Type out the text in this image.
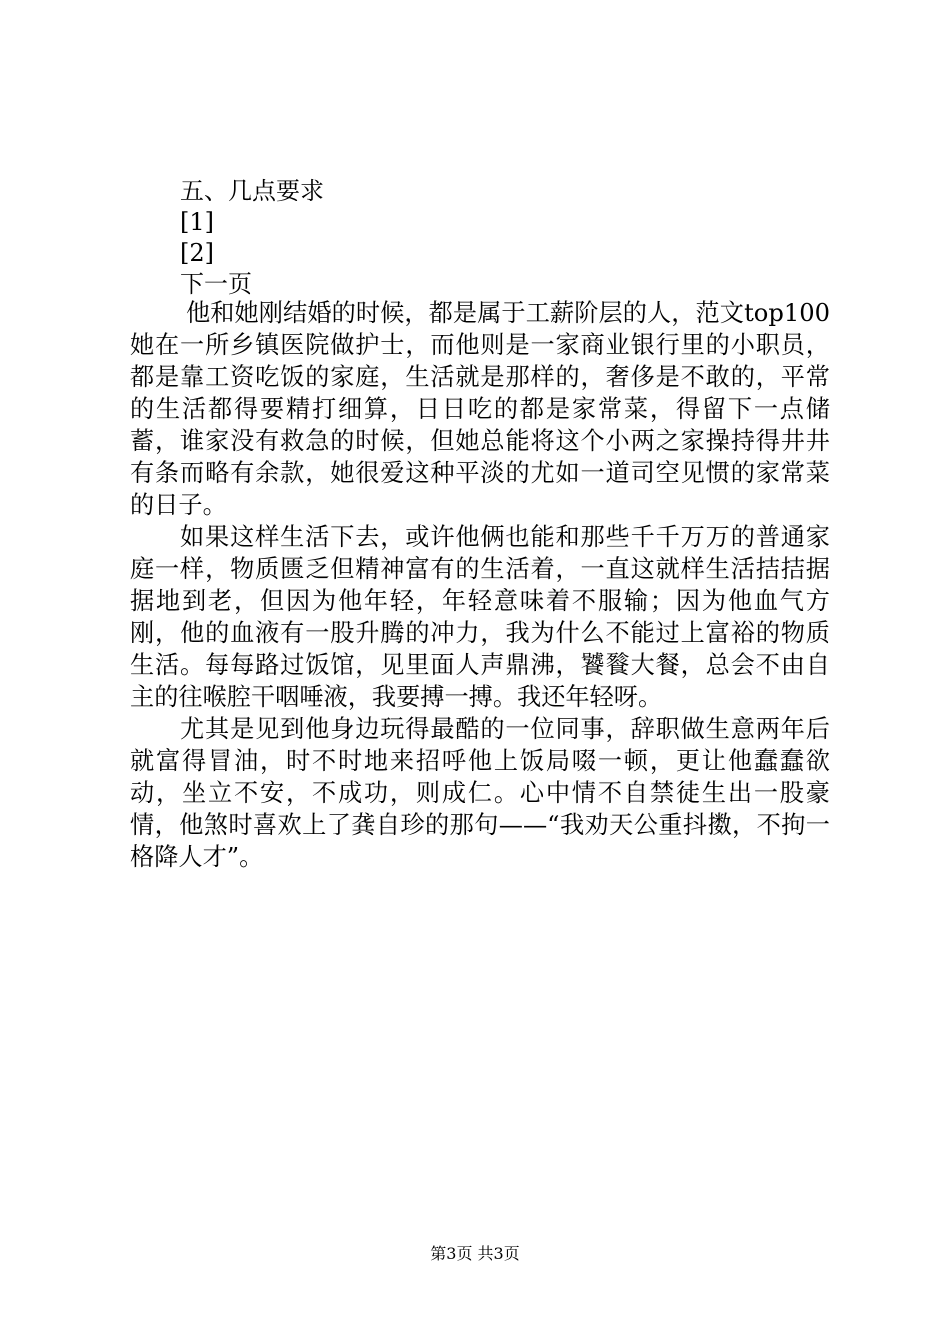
五、几点要求
[1]
[2]
下一页

他和她刚结婚的时候，都是属于工薪阶层的人，范文top100她在一所乡镇医院做护士，而他则是一家商业银行里的小职员，都是靠工资吃饭的家庭，生活就是那样的，奢侈是不敢的，平常的生活都得要精打细算，日日吃的都是家常菜，得留下一点储蓄，谁家没有救急的时候，但她总能将这个小两之家操持得井井有条而略有余款，她很爱这种平淡的尤如一道司空见惯的家常菜的日子。

如果这样生活下去，或许他俩也能和那些千千万万的普通家庭一样，物质匮乏但精神富有的生活着，一直这就样生活拮拮据据地到老，但因为他年轻，年轻意味着不服输；因为他血气方刚，他的血液有一股升腾的冲力，我为什么不能过上富裕的物质生活。每每路过饭馆，见里面人声鼎沸，饕餮大餐，总会不由自主的往喉腔干咽唾液，我要搏一搏。我还年轻呀。

尤其是见到他身边玩得最酷的一位同事，辞职做生意两年后就富得冒油，时不时地来招呼他上饭局啜一顿，更让他蠢蠢欲动，坐立不安，不成功，则成仁。心中情不自禁徒生出一股豪情，他煞时喜欢上了龚自珍的那句——“我劝天公重抖擞，不拘一格降人才”。

第3页 共3页
